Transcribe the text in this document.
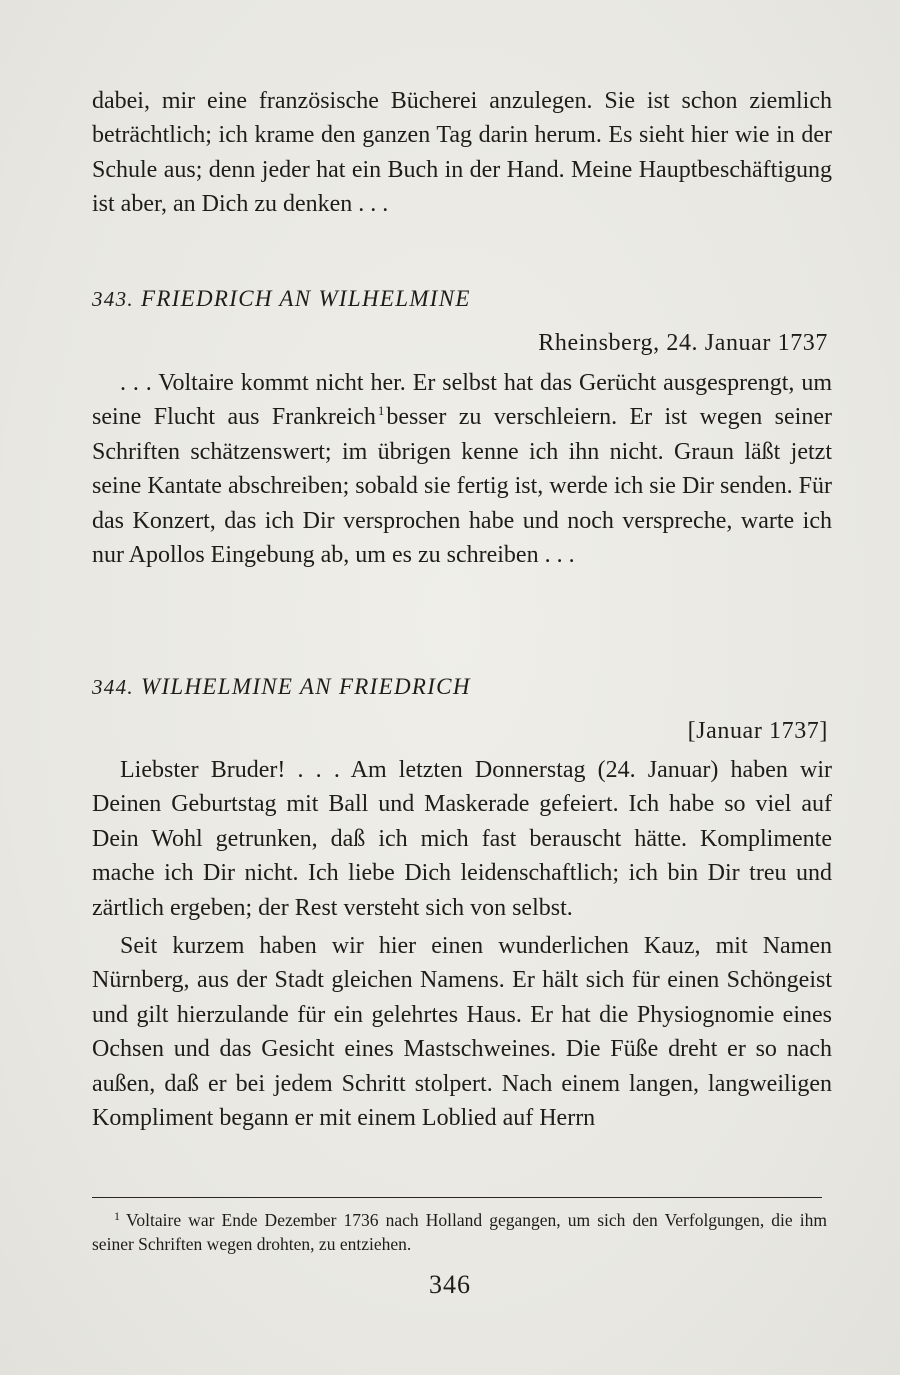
dabei, mir eine französische Bücherei anzulegen. Sie ist schon ziemlich beträchtlich; ich krame den ganzen Tag darin herum. Es sieht hier wie in der Schule aus; denn jeder hat ein Buch in der Hand. Meine Hauptbeschäftigung ist aber, an Dich zu denken . . .

343. FRIEDRICH AN WILHELMINE

Rheinsberg, 24. Januar 1737

. . . Voltaire kommt nicht her. Er selbst hat das Gerücht ausgesprengt, um seine Flucht aus Frankreich $^1$besser zu verschleiern. Er ist wegen seiner Schriften schätzenswert; im übrigen kenne ich ihn nicht. Graun läßt jetzt seine Kantate abschreiben; sobald sie fertig ist, werde ich sie Dir senden. Für das Konzert, das ich Dir versprochen habe und noch verspreche, warte ich nur Apollos Eingebung ab, um es zu schreiben . . .

344. WILHELMINE AN FRIEDRICH

[Januar 1737]

Liebster Bruder! . . . Am letzten Donnerstag (24. Januar) haben wir Deinen Geburtstag mit Ball und Maskerade gefeiert. Ich habe so viel auf Dein Wohl getrunken, daß ich mich fast berauscht hätte. Komplimente mache ich Dir nicht. Ich liebe Dich leidenschaftlich; ich bin Dir treu und zärtlich ergeben; der Rest versteht sich von selbst.

Seit kurzem haben wir hier einen wunderlichen Kauz, mit Namen Nürnberg, aus der Stadt gleichen Namens. Er hält sich für einen Schöngeist und gilt hierzulande für ein gelehrtes Haus. Er hat die Physiognomie eines Ochsen und das Gesicht eines Mastschweines. Die Füße dreht er so nach außen, daß er bei jedem Schritt stolpert. Nach einem langen, langweiligen Kompliment begann er mit einem Loblied auf Herrn

$^1$ Voltaire war Ende Dezember 1736 nach Holland gegangen, um sich den Verfolgungen, die ihm seiner Schriften wegen drohten, zu entziehen.

346
